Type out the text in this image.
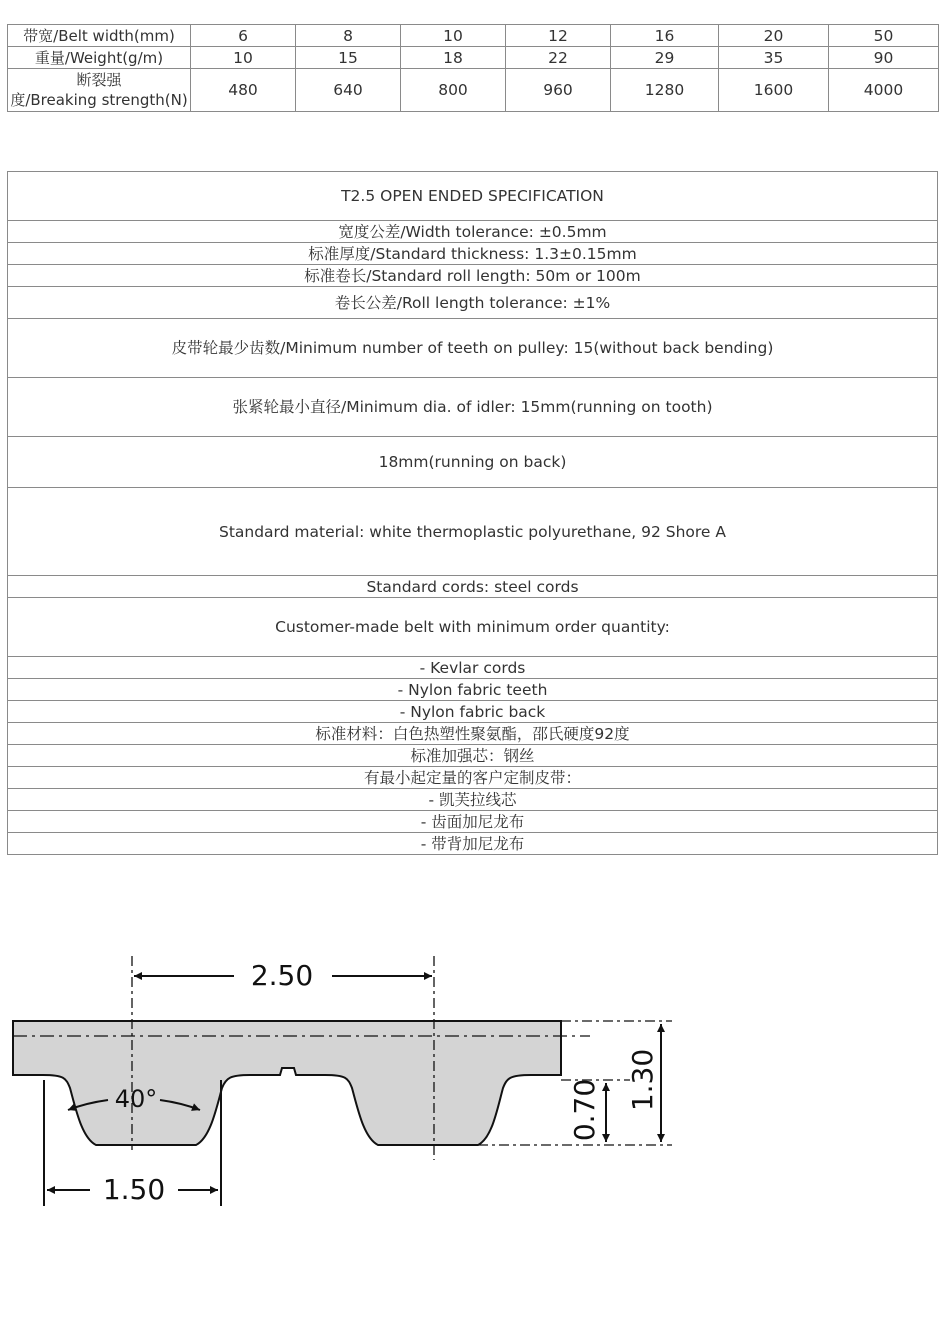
带宽/Belt width(mm)	6	8	10	12	16	20	50
重量/Weight(g/m)	10	15	18	22	29	35	90

断裂强
度/Breaking strength(N)	480	640	800	960	1280	1600	4000
T2.5 OPEN ENDED SPECIFICATION
宽度公差/Width tolerance: ±0.5mm
标准厚度/Standard thickness: 1.3±0.15mm
标准卷长/Standard roll length: 50m or 100m
卷长公差/Roll length tolerance: ±1%
皮带轮最少齿数/Minimum number of teeth on pulley: 15(without back bending)
张紧轮最小直径/Minimum dia. of idler: 15mm(running on tooth)
18mm(running on back)
Standard material: white thermoplastic polyurethane, 92 Shore A
Standard cords: steel cords
Customer-made belt with minimum order quantity:
- Kevlar cords
- Nylon fabric teeth
- Nylon fabric back
标准材料：白色热塑性聚氨酯，邵氏硬度92度
标准加强芯：钢丝
有最小起定量的客户定制皮带：
- 凯芙拉线芯
- 齿面加尼龙布
- 带背加尼龙布
2.50
1.50
40°	0.70 1.30
